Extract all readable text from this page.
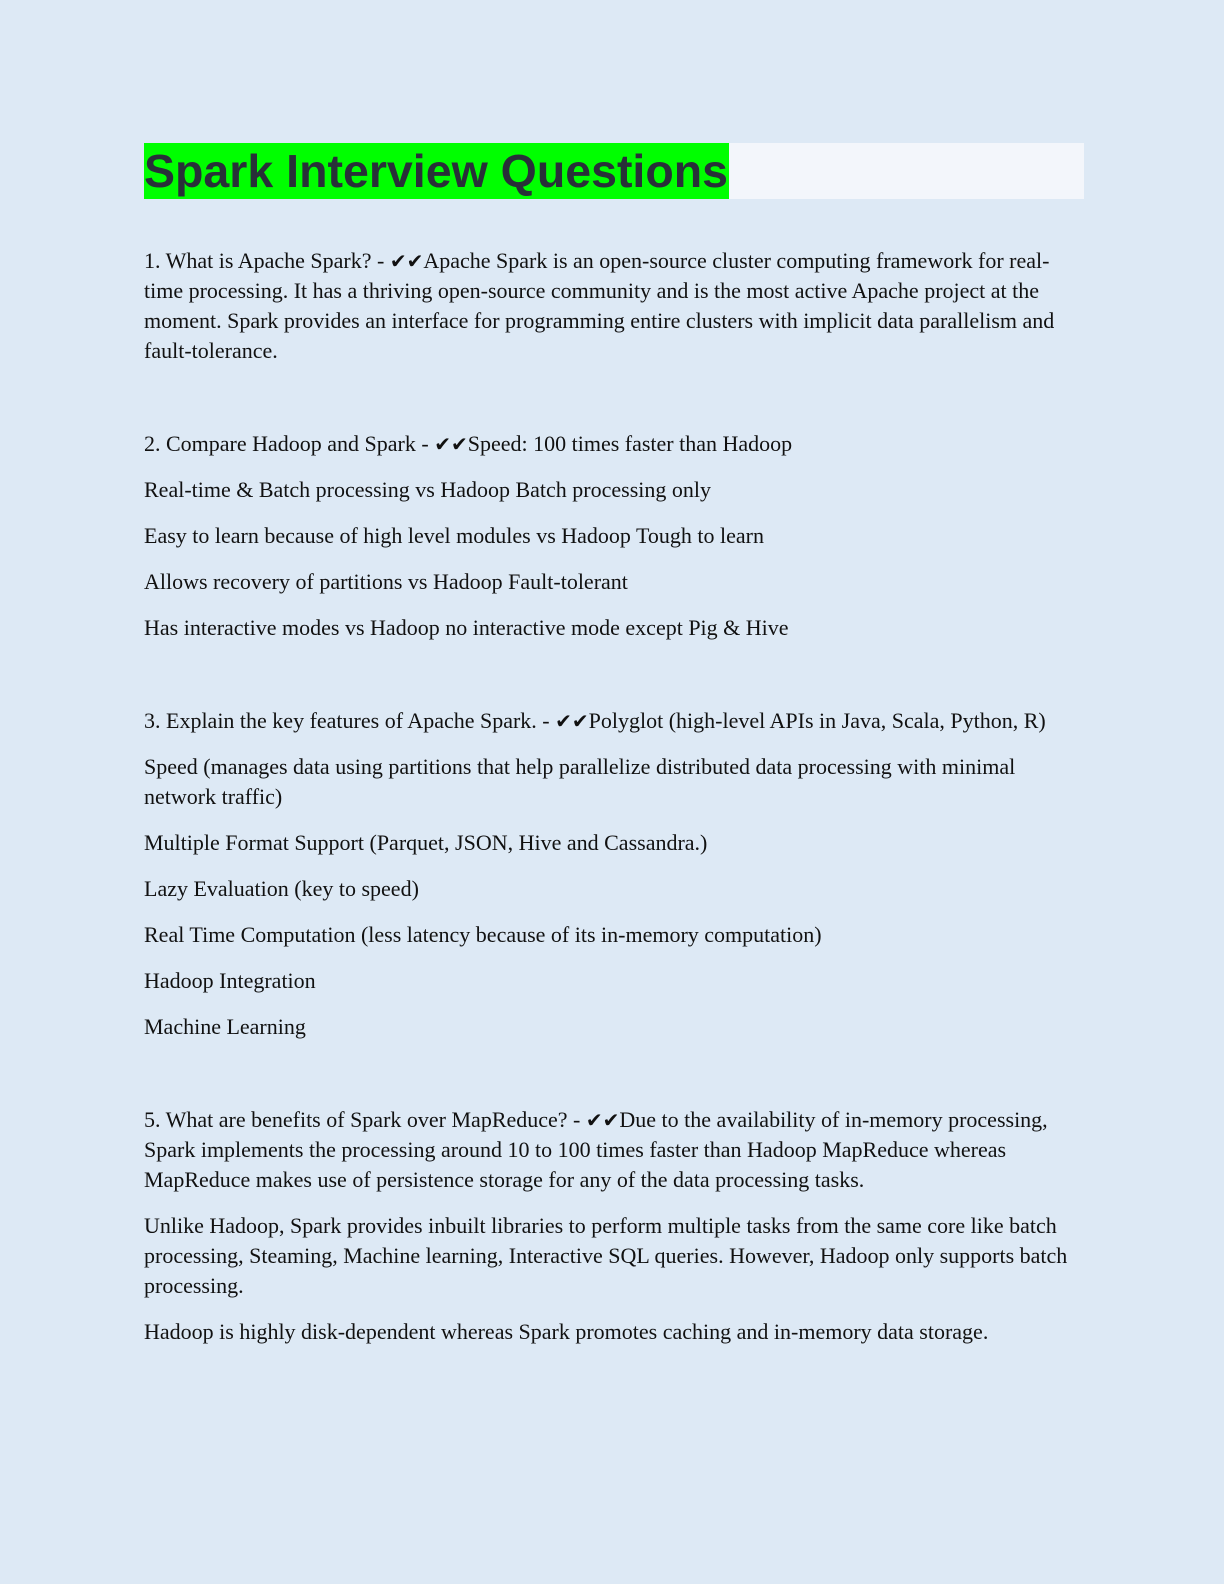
Spark Interview Questions

1. What is Apache Spark? - ✔✔Apache Spark is an open-source cluster computing framework for real-time processing. It has a thriving open-source community and is the most active Apache project at the moment. Spark provides an interface for programming entire clusters with implicit data parallelism and fault-tolerance.

2. Compare Hadoop and Spark - ✔✔Speed: 100 times faster than Hadoop

Real-time & Batch processing vs Hadoop Batch processing only

Easy to learn because of high level modules vs Hadoop Tough to learn

Allows recovery of partitions vs Hadoop Fault-tolerant

Has interactive modes vs Hadoop no interactive mode except Pig & Hive

3. Explain the key features of Apache Spark. - ✔✔Polyglot (high-level APIs in Java, Scala, Python, R)

Speed (manages data using partitions that help parallelize distributed data processing with minimal network traffic)

Multiple Format Support (Parquet, JSON, Hive and Cassandra.)

Lazy Evaluation (key to speed)

Real Time Computation (less latency because of its in-memory computation)

Hadoop Integration

Machine Learning

5. What are benefits of Spark over MapReduce? - ✔✔Due to the availability of in-memory processing, Spark implements the processing around 10 to 100 times faster than Hadoop MapReduce whereas MapReduce makes use of persistence storage for any of the data processing tasks.

Unlike Hadoop, Spark provides inbuilt libraries to perform multiple tasks from the same core like batch processing, Steaming, Machine learning, Interactive SQL queries. However, Hadoop only supports batch processing.

Hadoop is highly disk-dependent whereas Spark promotes caching and in-memory data storage.
